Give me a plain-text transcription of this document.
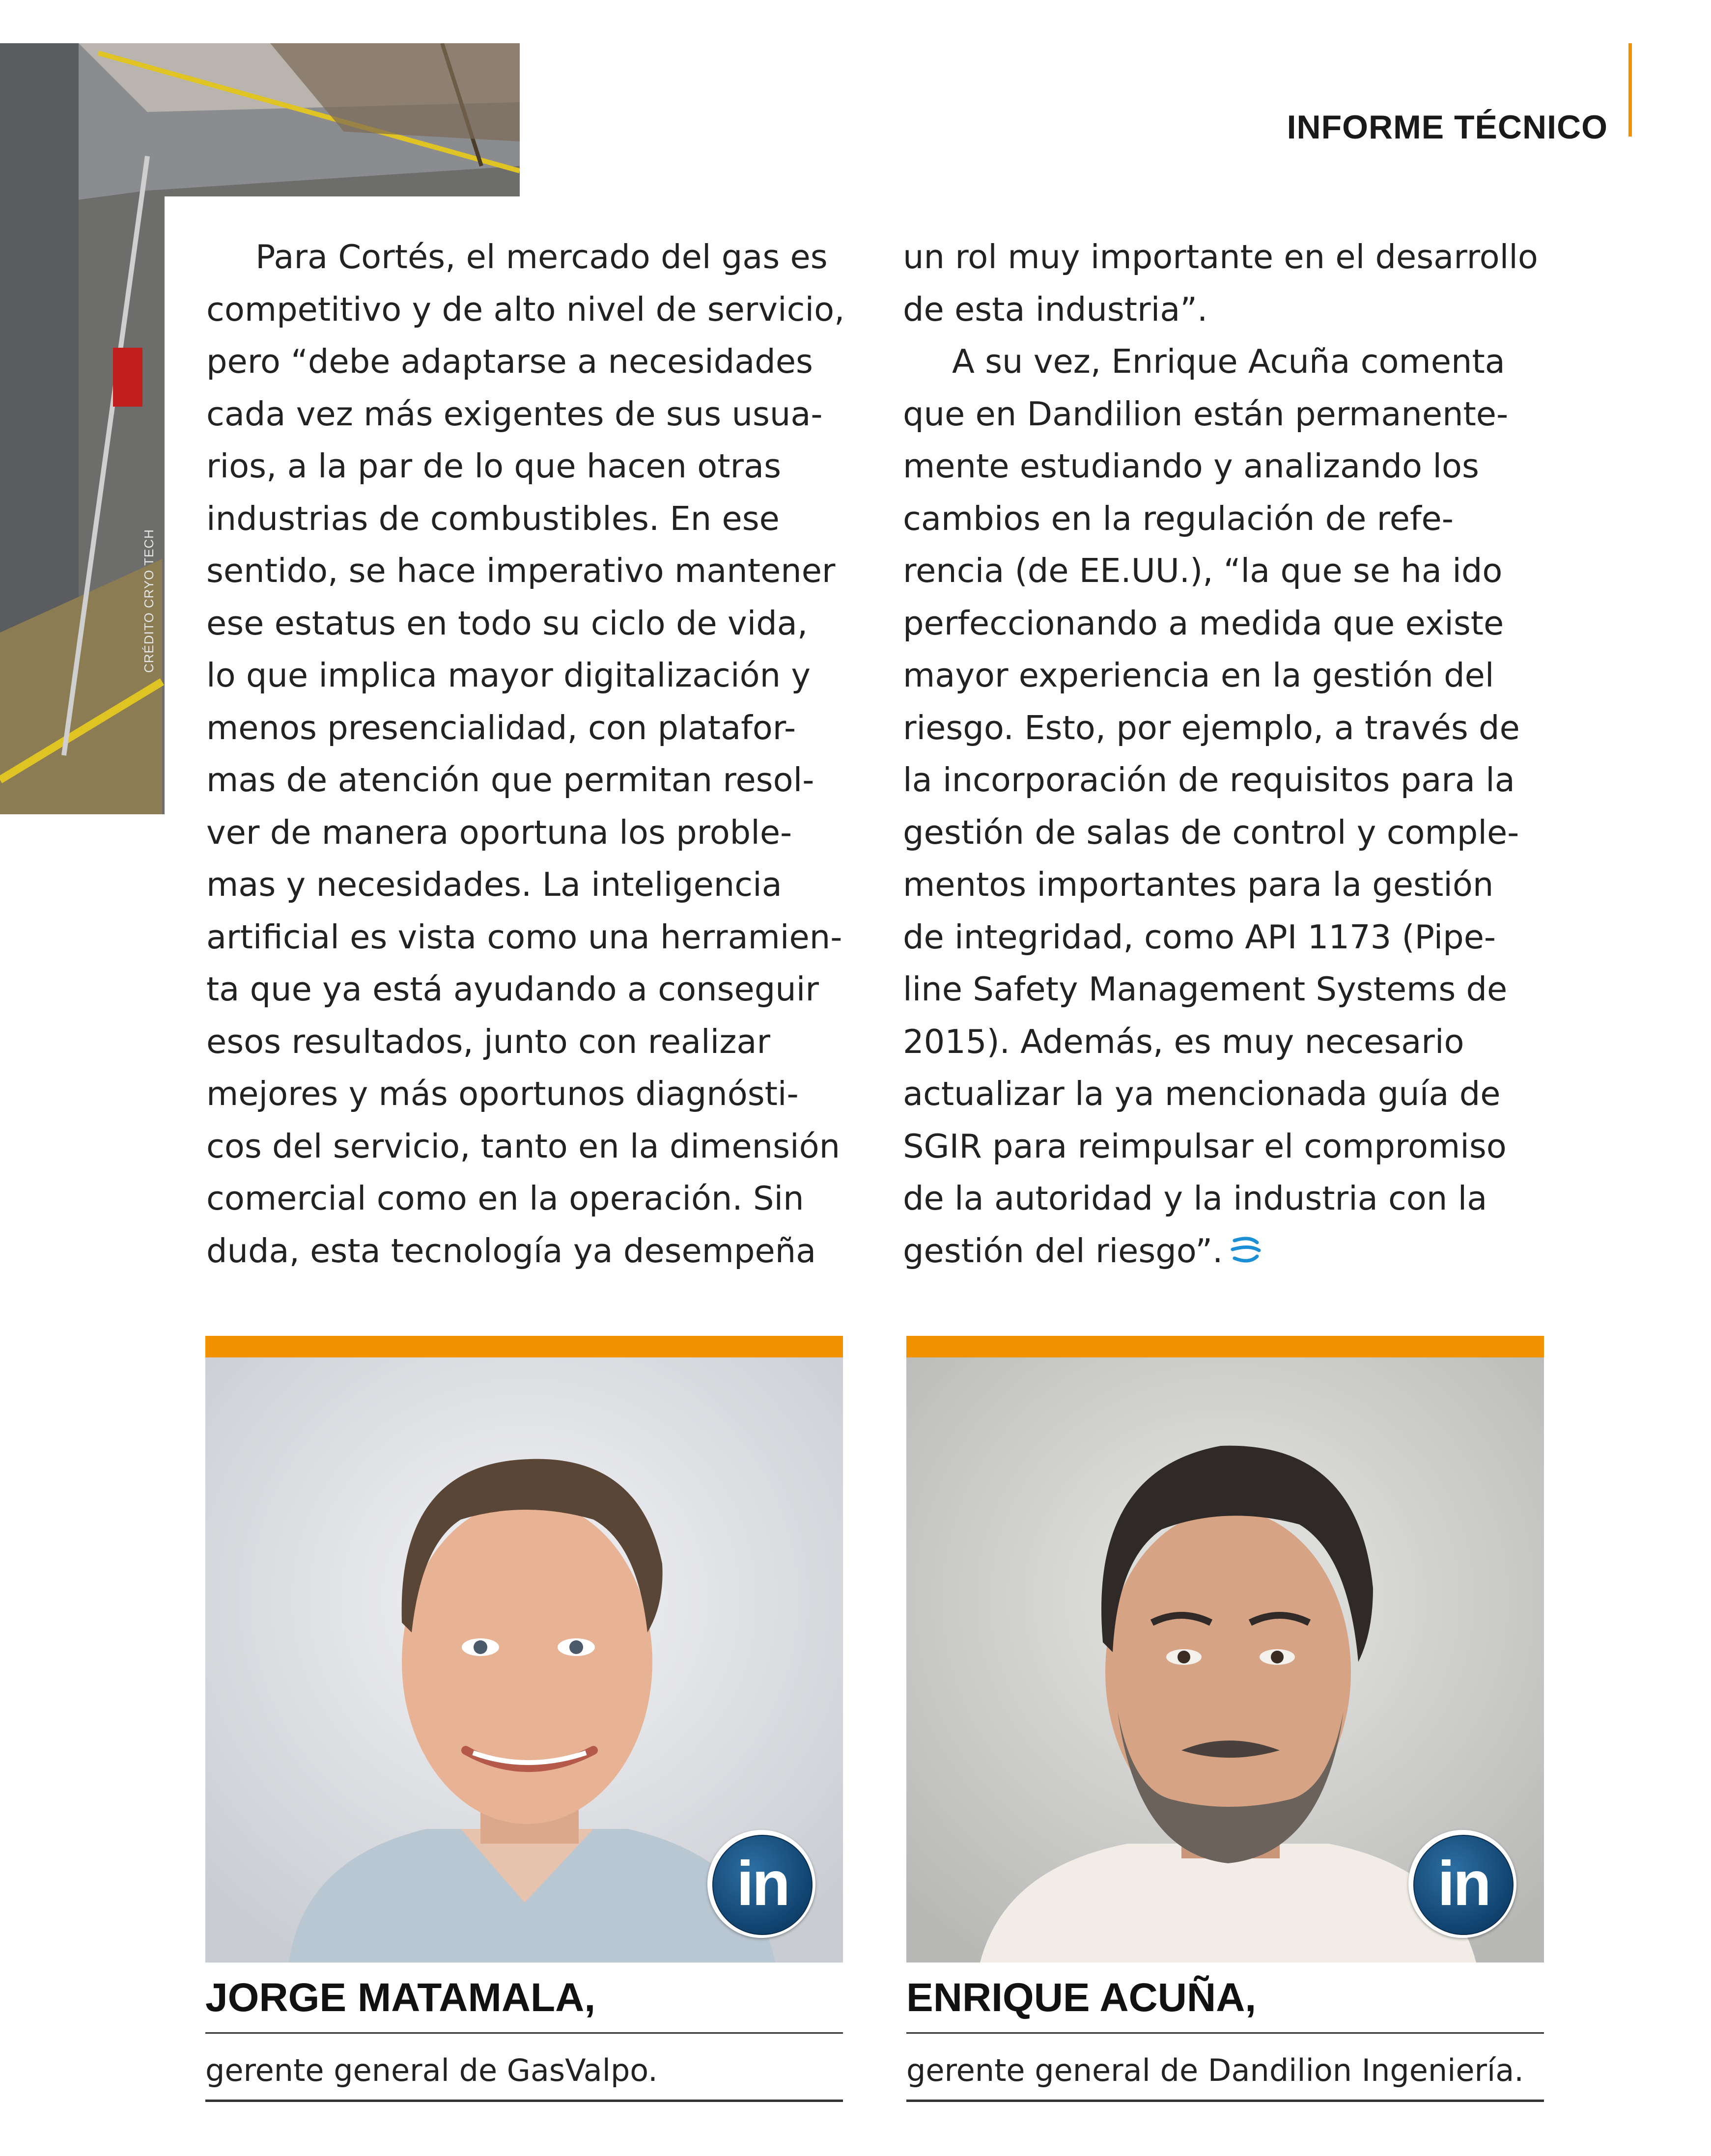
CRÉDITO CRYO TECH
INFORME TÉCNICO
Para Cortés, el mercado del gas es
competitivo y de alto nivel de servicio,
pero “debe adaptarse a necesidades
cada vez más exigentes de sus usua-
rios, a la par de lo que hacen otras
industrias de combustibles. En ese
sentido, se hace imperativo mantener
ese estatus en todo su ciclo de vida,
lo que implica mayor digitalización y
menos presencialidad, con platafor-
mas de atención que permitan resol-
ver de manera oportuna los proble-
mas y necesidades. La inteligencia
artificial es vista como una herramien-
ta que ya está ayudando a conseguir
esos resultados, junto con realizar
mejores y más oportunos diagnósti-
cos del servicio, tanto en la dimensión
comercial como en la operación. Sin
duda, esta tecnología ya desempeña
un rol muy importante en el desarrollo
de esta industria”.
A su vez, Enrique Acuña comenta
que en Dandilion están permanente-
mente estudiando y analizando los
cambios en la regulación de refe-
rencia (de EE.UU.), “la que se ha ido
perfeccionando a medida que existe
mayor experiencia en la gestión del
riesgo. Esto, por ejemplo, a través de
la incorporación de requisitos para la
gestión de salas de control y comple-
mentos importantes para la gestión
de integridad, como API 1173 (Pipe-
line Safety Management Systems de
2015). Además, es muy necesario
actualizar la ya mencionada guía de
SGIR para reimpulsar el compromiso
de la autoridad y la industria con la
gestión del riesgo”.
in
JORGE MATAMALA,
gerente general de GasValpo.
in
ENRIQUE ACUÑA,
gerente general de Dandilion Ingeniería.
